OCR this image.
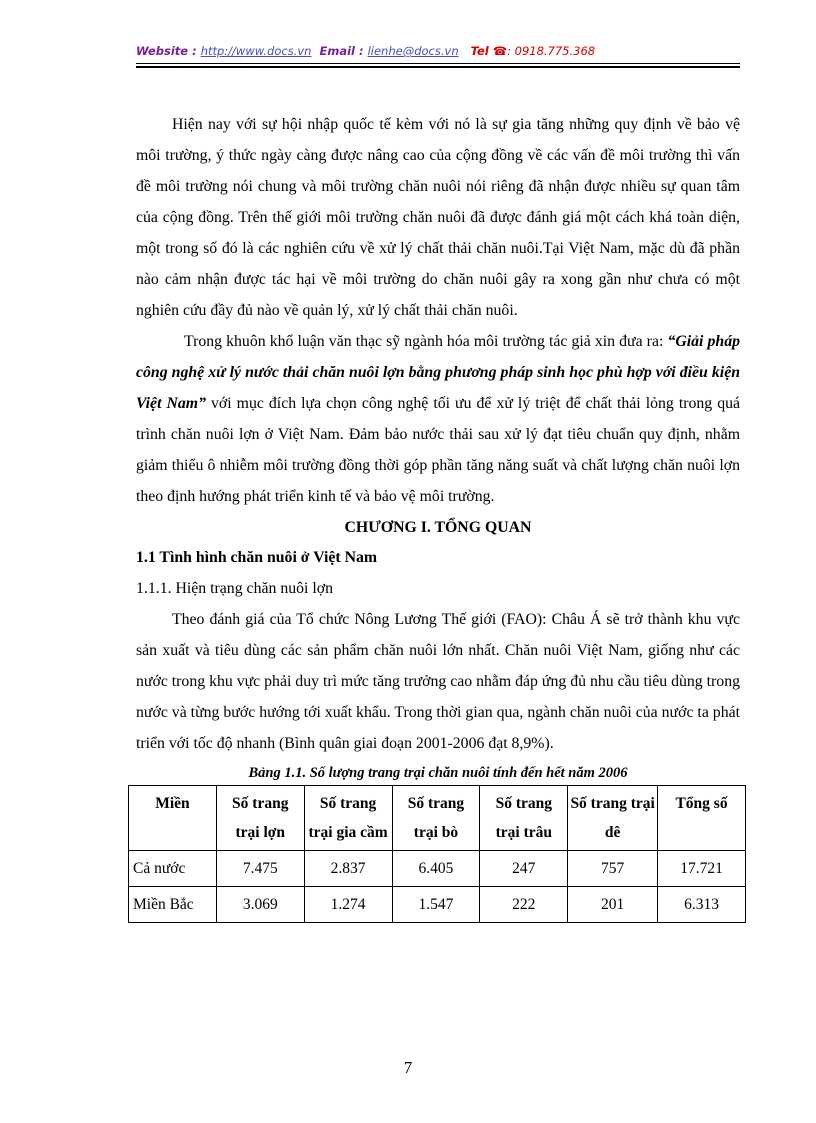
Website : http://www.docs.vn Email : lienhe@docs.vn Tel ☎: 0918.775.368

Hiện nay với sự hội nhập quốc tế kèm với nó là sự gia tăng những quy định về bảo vệ môi trường, ý thức ngày càng được nâng cao của cộng đồng về các vấn đề môi trường thì vấn đề môi trường nói chung và môi trường chăn nuôi nói riêng đã nhận được nhiều sự quan tâm của cộng đồng. Trên thế giới môi trường chăn nuôi đã được đánh giá một cách khá toàn diện, một trong số đó là các nghiên cứu về xử lý chất thải chăn nuôi.Tại Việt Nam, mặc dù đã phần nào cảm nhận được tác hại về môi trường do chăn nuôi gây ra xong gần như chưa có một nghiên cứu đầy đủ nào về quản lý, xử lý chất thải chăn nuôi.

Trong khuôn khổ luận văn thạc sỹ ngành hóa môi trường tác giả xin đưa ra: “Giải pháp công nghệ xử lý nước thải chăn nuôi lợn bằng phương pháp sinh học phù hợp với điều kiện Việt Nam” với mục đích lựa chọn công nghệ tối ưu để xử lý triệt để chất thải lỏng trong quá trình chăn nuôi lợn ở Việt Nam. Đảm bảo nước thải sau xử lý đạt tiêu chuẩn quy định, nhằm giảm thiểu ô nhiễm môi trường đồng thời góp phần tăng năng suất và chất lượng chăn nuôi lợn theo định hướng phát triển kinh tế và bảo vệ môi trường.

CHƯƠNG I. TỔNG QUAN
1.1 Tình hình chăn nuôi ở Việt Nam
1.1.1. Hiện trạng chăn nuôi lợn

Theo đánh giá của Tổ chức Nông Lương Thế giới (FAO): Châu Á sẽ trở thành khu vực sản xuất và tiêu dùng các sản phẩm chăn nuôi lớn nhất. Chăn nuôi Việt Nam, giống như các nước trong khu vực phải duy trì mức tăng trưởng cao nhằm đáp ứng đủ nhu cầu tiêu dùng trong nước và từng bước hướng tới xuất khẩu. Trong thời gian qua, ngành chăn nuôi của nước ta phát triển với tốc độ nhanh (Bình quân giai đoạn 2001-2006 đạt 8,9%).

Bảng 1.1. Số lượng trang trại chăn nuôi tính đến hết năm 2006
Miền	Số trang trại lợn	Số trang trại gia cầm	Số trang trại bò	Số trang trại trâu	Số trang trại dê	Tổng số
Cả nước	7.475	2.837	6.405	247	757	17.721
Miền Bắc	3.069	1.274	1.547	222	201	6.313
7
